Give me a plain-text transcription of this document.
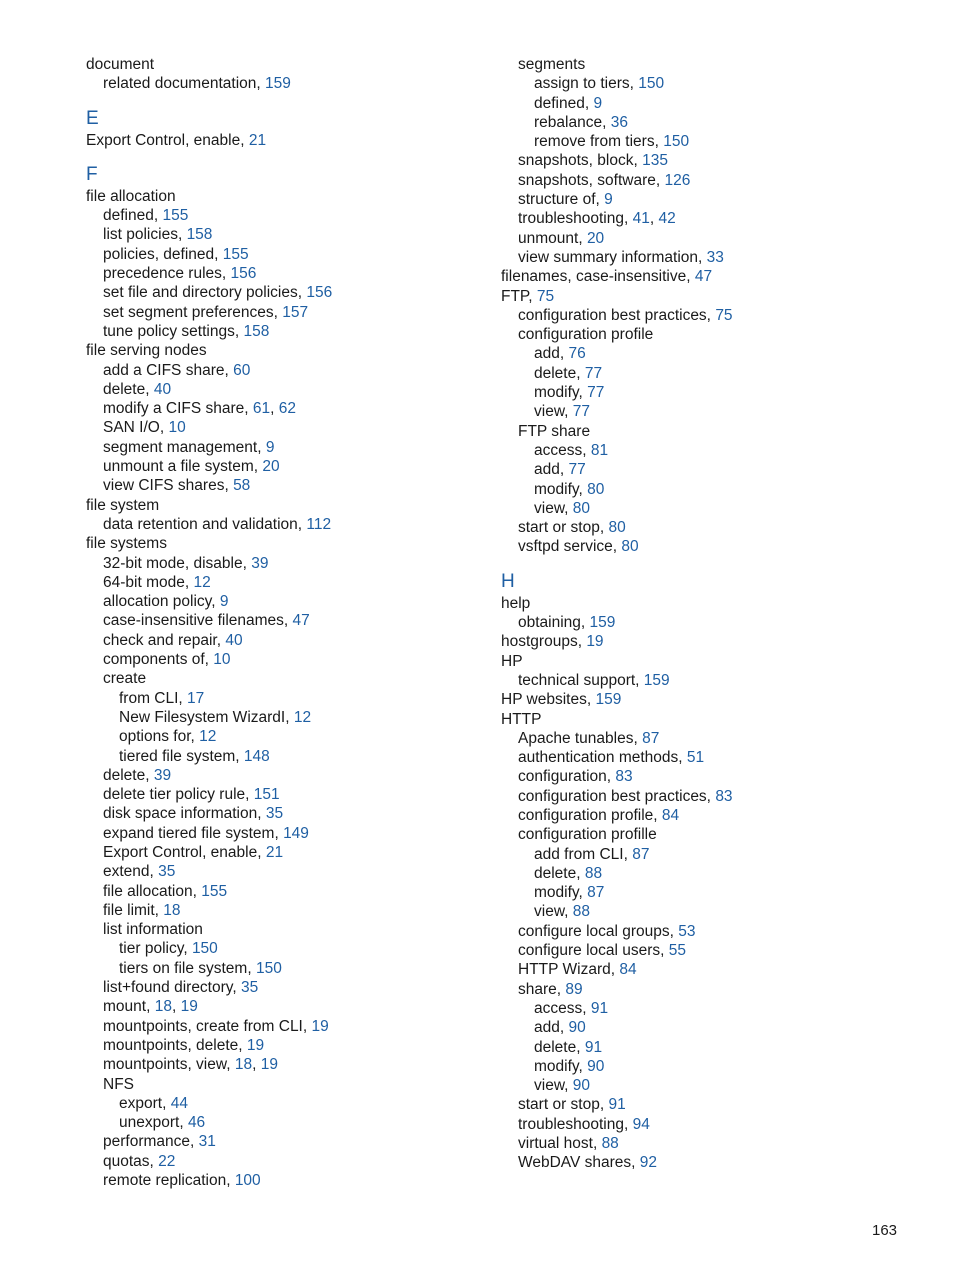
document
related documentation, 159
E
Export Control, enable, 21
F
file allocation
defined, 155
list policies, 158
policies, defined, 155
precedence rules, 156
set file and directory policies, 156
set segment preferences, 157
tune policy settings, 158
file serving nodes
add a CIFS share, 60
delete, 40
modify a CIFS share, 61, 62
SAN I/O, 10
segment management, 9
unmount a file system, 20
view CIFS shares, 58
file system
data retention and validation, 112
file systems
32-bit mode, disable, 39
64-bit mode, 12
allocation policy, 9
case-insensitive filenames, 47
check and repair, 40
components of, 10
create
from CLI, 17
New Filesystem WizardI, 12
options for, 12
tiered file system, 148
delete, 39
delete tier policy rule, 151
disk space information, 35
expand tiered file system, 149
Export Control, enable, 21
extend, 35
file allocation, 155
file limit, 18
list information
tier policy, 150
tiers on file system, 150
list+found directory, 35
mount, 18, 19
mountpoints, create from CLI, 19
mountpoints, delete, 19
mountpoints, view, 18, 19
NFS
export, 44
unexport, 46
performance, 31
quotas, 22
remote replication, 100
segments
assign to tiers, 150
defined, 9
rebalance, 36
remove from tiers, 150
snapshots, block, 135
snapshots, software, 126
structure of, 9
troubleshooting, 41, 42
unmount, 20
view summary information, 33
filenames, case-insensitive, 47
FTP, 75
configuration best practices, 75
configuration profile
add, 76
delete, 77
modify, 77
view, 77
FTP share
access, 81
add, 77
modify, 80
view, 80
start or stop, 80
vsftpd service, 80
H
help
obtaining, 159
hostgroups, 19
HP
technical support, 159
HP websites, 159
HTTP
Apache tunables, 87
authentication methods, 51
configuration, 83
configuration best practices, 83
configuration profile, 84
configuration profille
add from CLI, 87
delete, 88
modify, 87
view, 88
configure local groups, 53
configure local users, 55
HTTP Wizard, 84
share, 89
access, 91
add, 90
delete, 91
modify, 90
view, 90
start or stop, 91
troubleshooting, 94
virtual host, 88
WebDAV shares, 92
163
